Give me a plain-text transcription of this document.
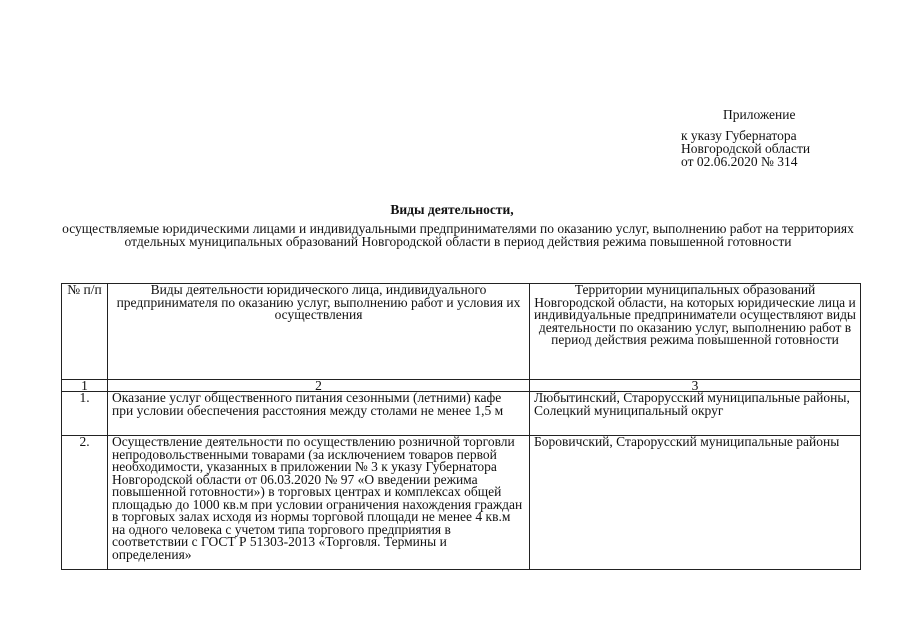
Приложение
к указу Губернатора
Новгородской области
от 02.06.2020 № 314
Виды деятельности,
осуществляемые юридическими лицами и индивидуальными предпринимателями по оказанию услуг, выполнению работ на территориях отдельных муниципальных образований Новгородской области в период действия режима повышенной готовности
№ п/п	Виды деятельности юридического лица, индивидуального предпринимателя по оказанию услуг, выполнению работ и условия их осуществления	Территории муниципальных образований Новгородской области, на которых юридические лица и индивидуальные предприниматели осуществляют виды деятельности по оказанию услуг, выполнению работ в период действия режима повышенной готовности
1	2	3
1.	Оказание услуг общественного питания сезонными (летними) кафе при условии обеспечения расстояния между столами не менее 1,5 м	Любытинский, Старорусский муниципальные районы, Солецкий муниципальный округ
2.	Осуществление деятельности по осуществлению розничной торговли непродовольственными товарами (за исключением товаров первой необходимости, указанных в приложении № 3 к указу Губернатора Новгородской области от 06.03.2020 № 97 «О введении режима повышенной готовности») в торговых центрах и комплексах общей площадью до 1000 кв.м при условии ограничения нахождения граждан в торговых залах исходя из нормы торговой площади не менее 4 кв.м на одного человека с учетом типа торгового предприятия в соответствии с ГОСТ Р 51303-2013 «Торговля. Термины и определения»	Боровичский, Старорусский муниципальные районы
